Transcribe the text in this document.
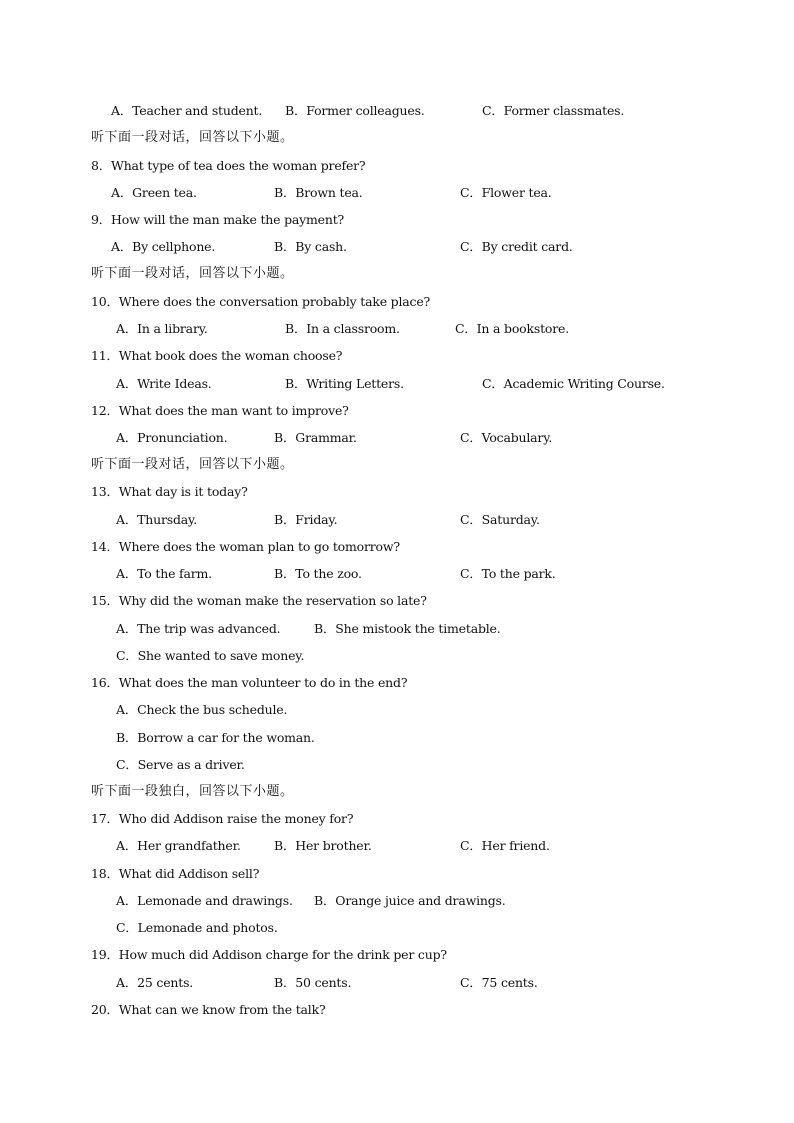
A．Teacher and student. B．Former colleagues.	C．Former classmates.
听下面一段对话，回答以下小题。
8．What type of tea does the woman prefer?
A．Green tea.	B．Brown tea.	C．Flower tea.
9．How will the man make the payment?
A．By cellphone.	B．By cash.	C．By credit card.
听下面一段对话，回答以下小题。
10．Where does the conversation probably take place?
A．In a library.	B．In a classroom.	C．In a bookstore.
11．What book does the woman choose?
A．Write Ideas.	B．Writing Letters.	C．Academic Writing Course.
12．What does the man want to improve?
A．Pronunciation.	B．Grammar.	C．Vocabulary.
听下面一段对话，回答以下小题。
13．What day is it today?
A．Thursday.	B．Friday.	C．Saturday.
14．Where does the woman plan to go tomorrow?
A．To the farm.	B．To the zoo.	C．To the park.
15．Why did the woman make the reservation so late?
A．The trip was advanced.	B．She mistook the timetable.
C．She wanted to save money.
16．What does the man volunteer to do in the end?
A．Check the bus schedule.
B．Borrow a car for the woman.
C．Serve as a driver.
听下面一段独白，回答以下小题。
17．Who did Addison raise the money for?
A．Her grandfather.	B．Her brother.	C．Her friend.
18．What did Addison sell?
A．Lemonade and drawings. B．Orange juice and drawings.
C．Lemonade and photos.
19．How much did Addison charge for the drink per cup?
A．25 cents.	B．50 cents.	C．75 cents.
20．What can we know from the talk?
